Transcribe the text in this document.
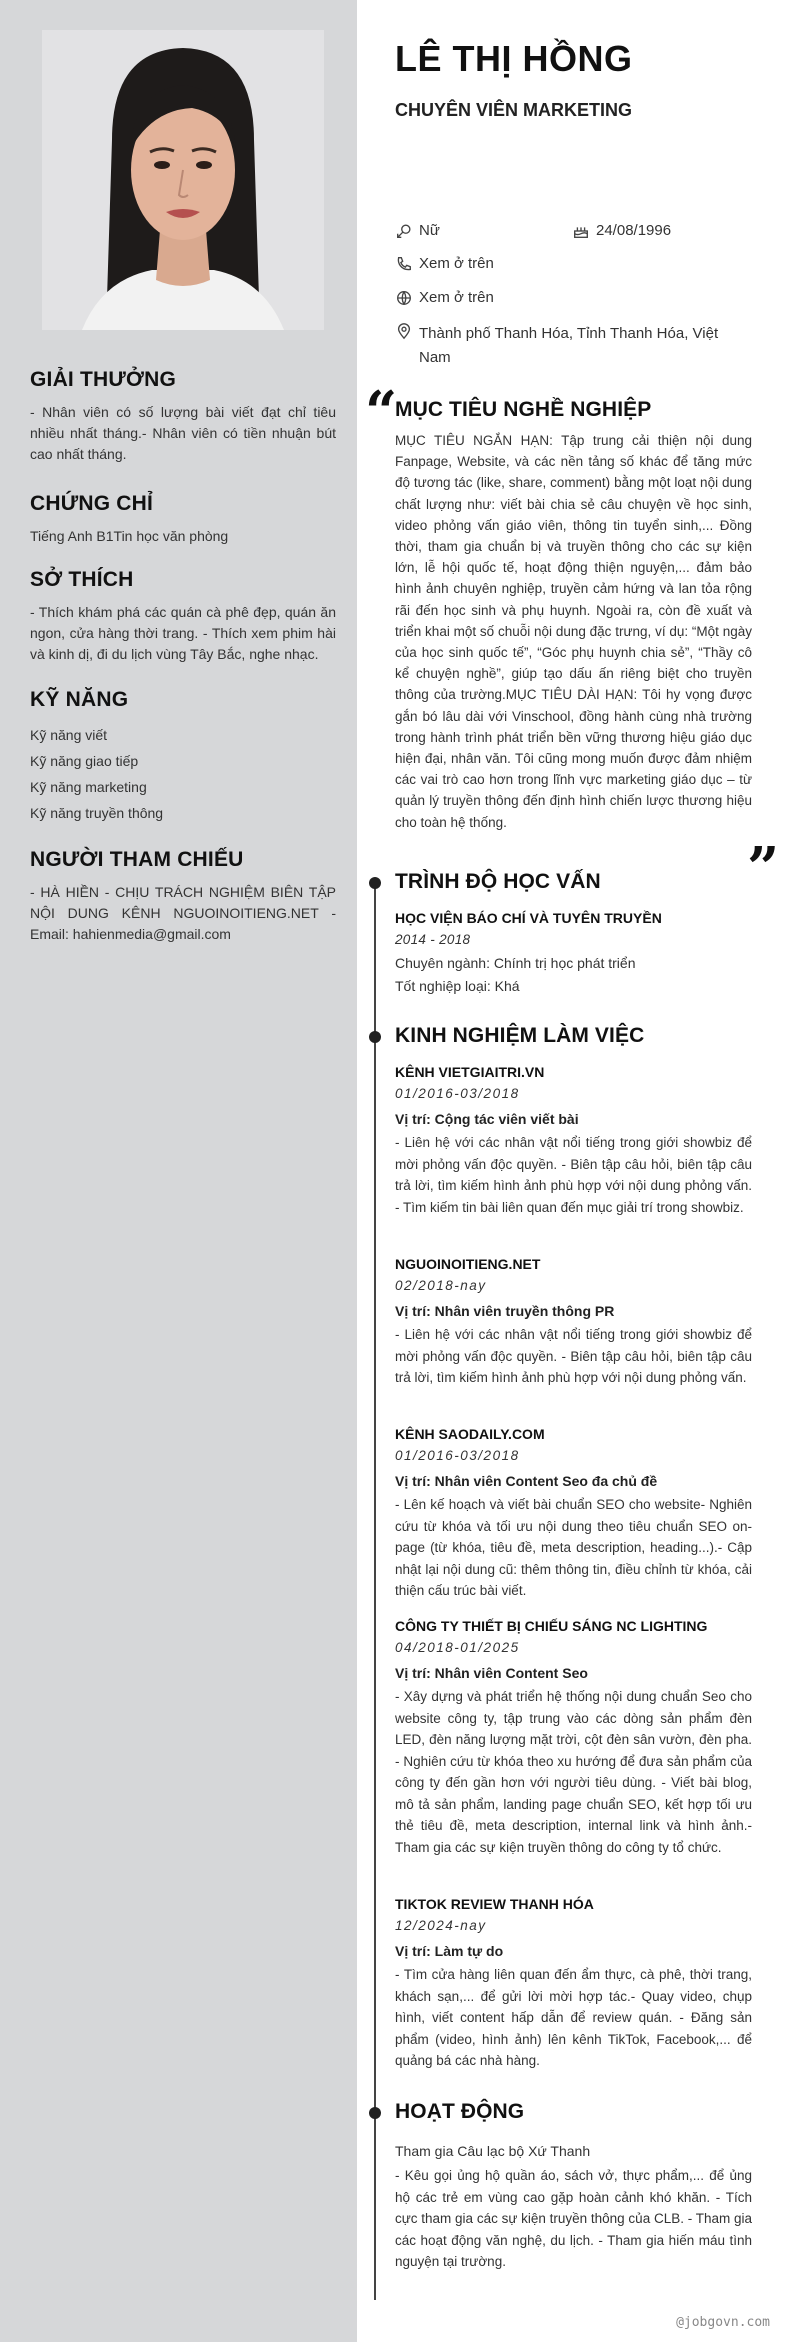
GIẢI THƯỞNG
- Nhân viên có số lượng bài viết đạt chỉ tiêu nhiều nhất tháng.- Nhân viên có tiền nhuận bút cao nhất tháng.
CHỨNG CHỈ
Tiếng Anh B1Tin học văn phòng
SỞ THÍCH
- Thích khám phá các quán cà phê đẹp, quán ăn ngon, cửa hàng thời trang. - Thích xem phim hài và kinh dị, đi du lịch vùng Tây Bắc, nghe nhạc.
KỸ NĂNG
Kỹ năng viết
Kỹ năng giao tiếp
Kỹ năng marketing
Kỹ năng truyền thông
NGƯỜI THAM CHIẾU
- HÀ HIỀN - CHỊU TRÁCH NGHIỆM BIÊN TẬP NỘI DUNG KÊNH NGUOINOITIENG.NET - Email: hahienmedia@gmail.com
LÊ THỊ HỒNG
CHUYÊN VIÊN MARKETING
Nữ	24/08/1996
Xem ở trên
Xem ở trên
Thành phố Thanh Hóa, Tỉnh Thanh Hóa, Việt Nam
“
MỤC TIÊU NGHỀ NGHIỆP
MỤC TIÊU NGẮN HẠN: Tập trung cải thiện nội dung Fanpage, Website, và các nền tảng số khác để tăng mức độ tương tác (like, share, comment) bằng một loạt nội dung chất lượng như: viết bài chia sẻ câu chuyện về học sinh, video phỏng vấn giáo viên, thông tin tuyển sinh,... Đồng thời, tham gia chuẩn bị và truyền thông cho các sự kiện lớn, lễ hội quốc tế, hoạt động thiện nguyện,... đảm bảo hình ảnh chuyên nghiệp, truyền cảm hứng và lan tỏa rộng rãi đến học sinh và phụ huynh. Ngoài ra, còn đề xuất và triển khai một số chuỗi nội dung đặc trưng, ví dụ: “Một ngày của học sinh quốc tế”, “Góc phụ huynh chia sẻ”, “Thầy cô kể chuyện nghề”, giúp tạo dấu ấn riêng biệt cho truyền thông của trường.MỤC TIÊU DÀI HẠN: Tôi hy vọng được gắn bó lâu dài với Vinschool, đồng hành cùng nhà trường trong hành trình phát triển bền vững thương hiệu giáo dục hiện đại, nhân văn. Tôi cũng mong muốn được đảm nhiệm các vai trò cao hơn trong lĩnh vực marketing giáo dục – từ quản lý truyền thông đến định hình chiến lược thương hiệu cho toàn hệ thống.
”
TRÌNH ĐỘ HỌC VẤN
HỌC VIỆN BÁO CHÍ VÀ TUYÊN TRUYỀN
2014 - 2018
Chuyên ngành: Chính trị học phát triển
Tốt nghiệp loại: Khá
KINH NGHIỆM LÀM VIỆC
KÊNH VIETGIAITRI.VN
01/2016-03/2018
Vị trí: Cộng tác viên viết bài
- Liên hệ với các nhân vật nổi tiếng trong giới showbiz để mời phỏng vấn độc quyền. - Biên tập câu hỏi, biên tập câu trả lời, tìm kiếm hình ảnh phù hợp với nội dung phỏng vấn. - Tìm kiếm tin bài liên quan đến mục giải trí trong showbiz.
NGUOINOITIENG.NET
02/2018-nay
Vị trí: Nhân viên truyền thông PR
- Liên hệ với các nhân vật nổi tiếng trong giới showbiz để mời phỏng vấn độc quyền. - Biên tập câu hỏi, biên tập câu trả lời, tìm kiếm hình ảnh phù hợp với nội dung phỏng vấn.
KÊNH SAODAILY.COM
01/2016-03/2018
Vị trí: Nhân viên Content Seo đa chủ đề
- Lên kế hoạch và viết bài chuẩn SEO cho website- Nghiên cứu từ khóa và tối ưu nội dung theo tiêu chuẩn SEO on-page (từ khóa, tiêu đề, meta description, heading...).- Cập nhật lại nội dung cũ: thêm thông tin, điều chỉnh từ khóa, cải thiện cấu trúc bài viết.
CÔNG TY THIẾT BỊ CHIẾU SÁNG NC LIGHTING
04/2018-01/2025
Vị trí: Nhân viên Content Seo
- Xây dựng và phát triển hệ thống nội dung chuẩn Seo cho website công ty, tập trung vào các dòng sản phẩm đèn LED, đèn năng lượng mặt trời, cột đèn sân vườn, đèn pha. - Nghiên cứu từ khóa theo xu hướng để đưa sản phẩm của công ty đến gần hơn với người tiêu dùng. - Viết bài blog, mô tả sản phẩm, landing page chuẩn SEO, kết hợp tối ưu thẻ tiêu đề, meta description, internal link và hình ảnh.- Tham gia các sự kiện truyền thông do công ty tổ chức.
TIKTOK REVIEW THANH HÓA
12/2024-nay
Vị trí: Làm tự do
- Tìm cửa hàng liên quan đến ẩm thực, cà phê, thời trang, khách sạn,... để gửi lời mời hợp tác.- Quay video, chụp hình, viết content hấp dẫn để review quán. - Đăng sản phẩm (video, hình ảnh) lên kênh TikTok, Facebook,... để quảng bá các nhà hàng.
HOẠT ĐỘNG
Tham gia Câu lạc bộ Xứ Thanh
- Kêu gọi ủng hộ quần áo, sách vở, thực phẩm,... để ủng hộ các trẻ em vùng cao gặp hoàn cảnh khó khăn. - Tích cực tham gia các sự kiện truyền thông của CLB. - Tham gia các hoạt động văn nghệ, du lịch. - Tham gia hiến máu tình nguyện tại trường.
@jobgovn.com
